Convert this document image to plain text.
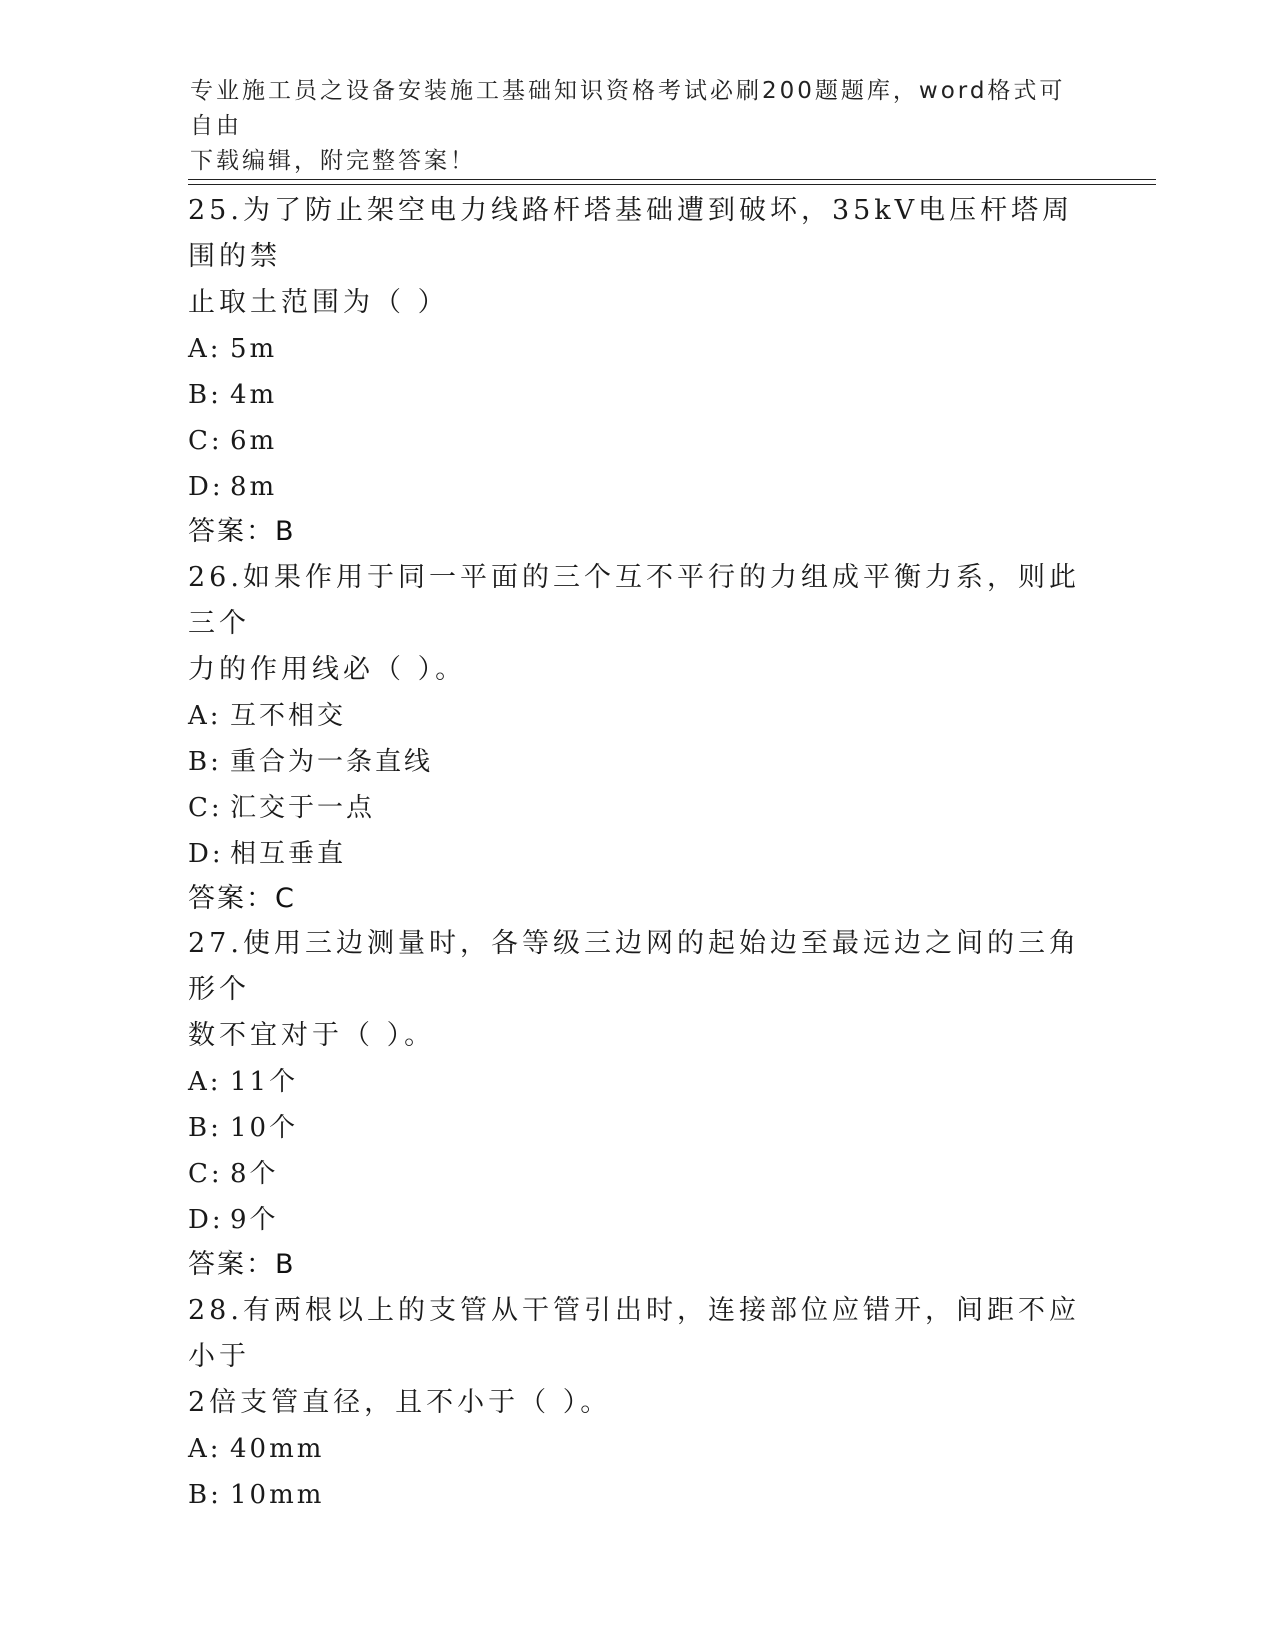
专业施工员之设备安装施工基础知识资格考试必刷200题题库，word格式可自由
下载编辑，附完整答案！

25.为了防止架空电力线路杆塔基础遭到破坏，35kV电压杆塔周围的禁
止取土范围为（ ）

A: 5m
B: 4m
C: 6m
D: 8m
答案：B

26.如果作用于同一平面的三个互不平行的力组成平衡力系，则此三个
力的作用线必（ ）。

A: 互不相交
B: 重合为一条直线
C: 汇交于一点
D: 相互垂直
答案：C

27.使用三边测量时，各等级三边网的起始边至最远边之间的三角形个
数不宜对于（ ）。

A: 11个
B: 10个
C: 8个
D: 9个
答案：B

28.有两根以上的支管从干管引出时，连接部位应错开，间距不应小于
2倍支管直径，且不小于（ ）。

A: 40mm
B: 10mm
